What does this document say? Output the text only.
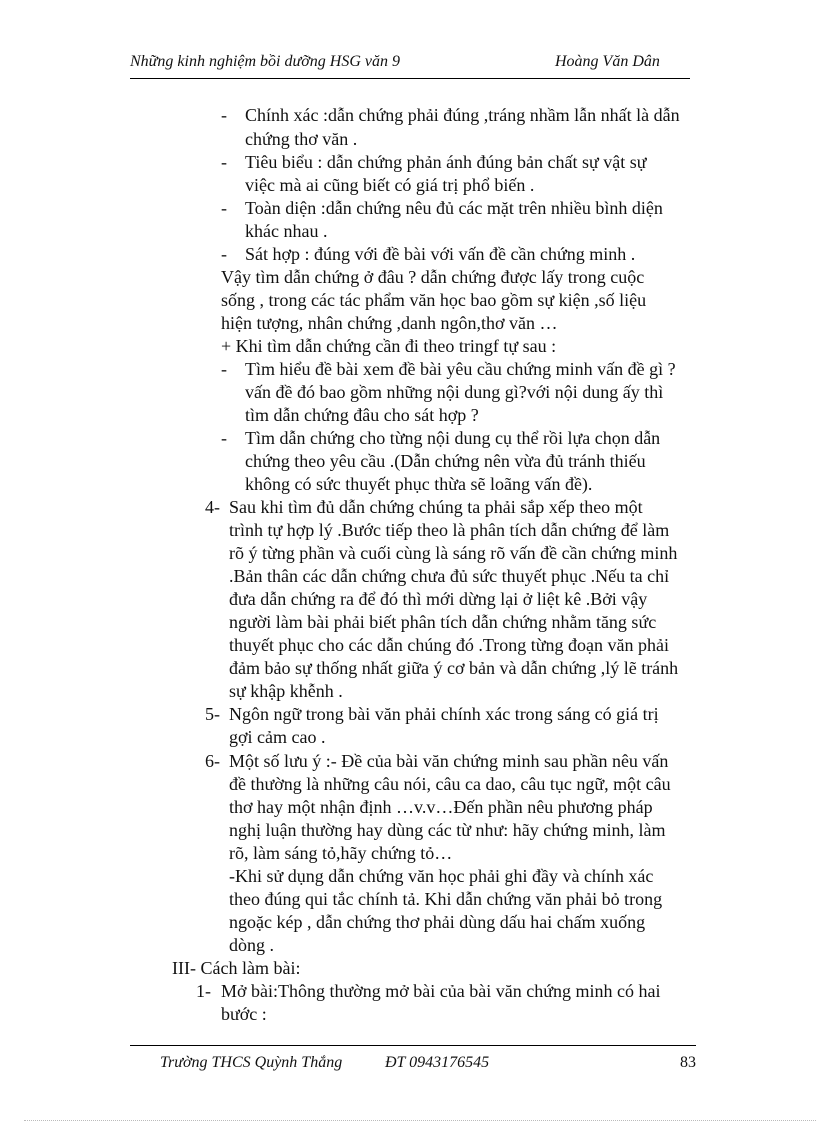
Những kinh nghiệm bồi dưỡng HSG văn 9	Hoàng Văn Dân
- Chính xác :dẫn chứng phải đúng ,tráng nhầm lẫn nhất là dẫn
chứng thơ văn .
- Tiêu biểu : dẫn chứng phản ánh đúng bản chất sự vật sự
việc mà ai cũng biết có giá trị phổ biến .
- Toàn diện :dẫn chứng nêu đủ các mặt trên nhiều bình diện
khác nhau .
- Sát hợp : đúng với đề bài với vấn đề cần chứng minh .
Vậy tìm dẫn chứng ở đâu ? dẫn chứng được lấy trong cuộc
sống , trong các tác phẩm văn học bao gồm sự kiện ,số liệu
hiện tượng, nhân chứng ,danh ngôn,thơ văn …
+ Khi tìm dẫn chứng cần đi theo tringf tự sau :
- Tìm hiểu đề bài xem đề bài yêu cầu chứng minh vấn đề gì ?
vấn đề đó bao gồm những nội dung gì?với nội dung ấy thì
tìm dẫn chứng đâu cho sát hợp ?
- Tìm dẫn chứng cho từng nội dung cụ thể rồi lựa chọn dẫn
chứng theo yêu cầu .(Dẫn chứng nên vừa đủ tránh thiếu
không có sức thuyết phục thừa sẽ loãng vấn đề).
4- Sau khi tìm đủ dẫn chứng chúng ta phải sắp xếp theo một
trình tự hợp lý .Bước tiếp theo là phân tích dẫn chứng để làm
rõ ý từng phần và cuối cùng là sáng rõ vấn đề cần chứng minh
.Bản thân các dẫn chứng chưa đủ sức thuyết phục .Nếu ta chỉ
đưa dẫn chứng ra để đó thì mới dừng lại ở liệt kê .Bởi vậy
người làm bài phải biết phân tích dẫn chứng nhằm tăng sức
thuyết phục cho các dẫn chúng đó .Trong từng đoạn văn phải
đảm bảo sự thống nhất giữa ý cơ bản và dẫn chứng ,lý lẽ tránh
sự khập khễnh .
5- Ngôn ngữ trong bài văn phải chính xác trong sáng có giá trị
gợi cảm cao .
6- Một số lưu ý :- Đề của bài văn chứng minh sau phần nêu vấn
đề thường là những câu nói, câu ca dao, câu tục ngữ, một câu
thơ hay một nhận định …v.v…Đến phần nêu phương pháp
nghị luận thường hay dùng các từ như: hãy chứng minh, làm
rõ, làm sáng tỏ,hãy chứng tỏ…
-Khi sử dụng dẫn chứng văn học phải ghi đầy và chính xác
theo đúng qui tắc chính tả. Khi dẫn chứng văn phải bỏ trong
ngoặc kép , dẫn chứng thơ phải dùng dấu hai chấm xuống
dòng .
III- Cách làm bài:
1- Mở bài:Thông thường mở bài của bài văn chứng minh có hai
bước :
Trường THCS Quỳnh Thắng	ĐT 0943176545	83
